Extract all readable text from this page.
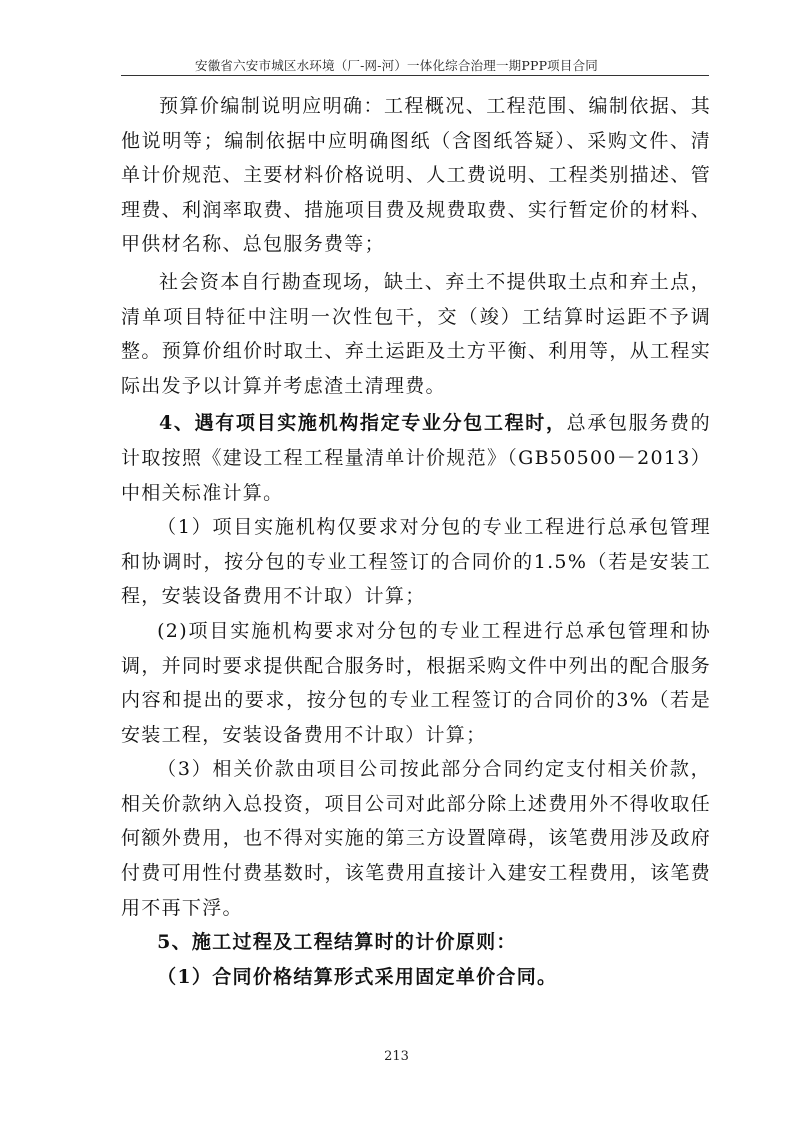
安徽省六安市城区水环境（厂-网-河）一体化综合治理一期PPP项目合同

预算价编制说明应明确：工程概况、工程范围、编制依据、其他说明等；编制依据中应明确图纸（含图纸答疑）、采购文件、清单计价规范、主要材料价格说明、人工费说明、工程类别描述、管理费、利润率取费、措施项目费及规费取费、实行暂定价的材料、甲供材名称、总包服务费等；

社会资本自行勘查现场，缺土、弃土不提供取土点和弃土点，清单项目特征中注明一次性包干，交（竣）工结算时运距不予调整。预算价组价时取土、弃土运距及土方平衡、利用等，从工程实际出发予以计算并考虑渣土清理费。

4、遇有项目实施机构指定专业分包工程时，总承包服务费的计取按照《建设工程工程量清单计价规范》（GB50500－2013）中相关标准计算。

（1）项目实施机构仅要求对分包的专业工程进行总承包管理和协调时，按分包的专业工程签订的合同价的1.5%（若是安装工程，安装设备费用不计取）计算；

(2)项目实施机构要求对分包的专业工程进行总承包管理和协调，并同时要求提供配合服务时，根据采购文件中列出的配合服务内容和提出的要求，按分包的专业工程签订的合同价的3%（若是安装工程，安装设备费用不计取）计算；

（3）相关价款由项目公司按此部分合同约定支付相关价款，相关价款纳入总投资，项目公司对此部分除上述费用外不得收取任何额外费用，也不得对实施的第三方设置障碍，该笔费用涉及政府付费可用性付费基数时，该笔费用直接计入建安工程费用，该笔费用不再下浮。

5、施工过程及工程结算时的计价原则：

（1）合同价格结算形式采用固定单价合同。

213
